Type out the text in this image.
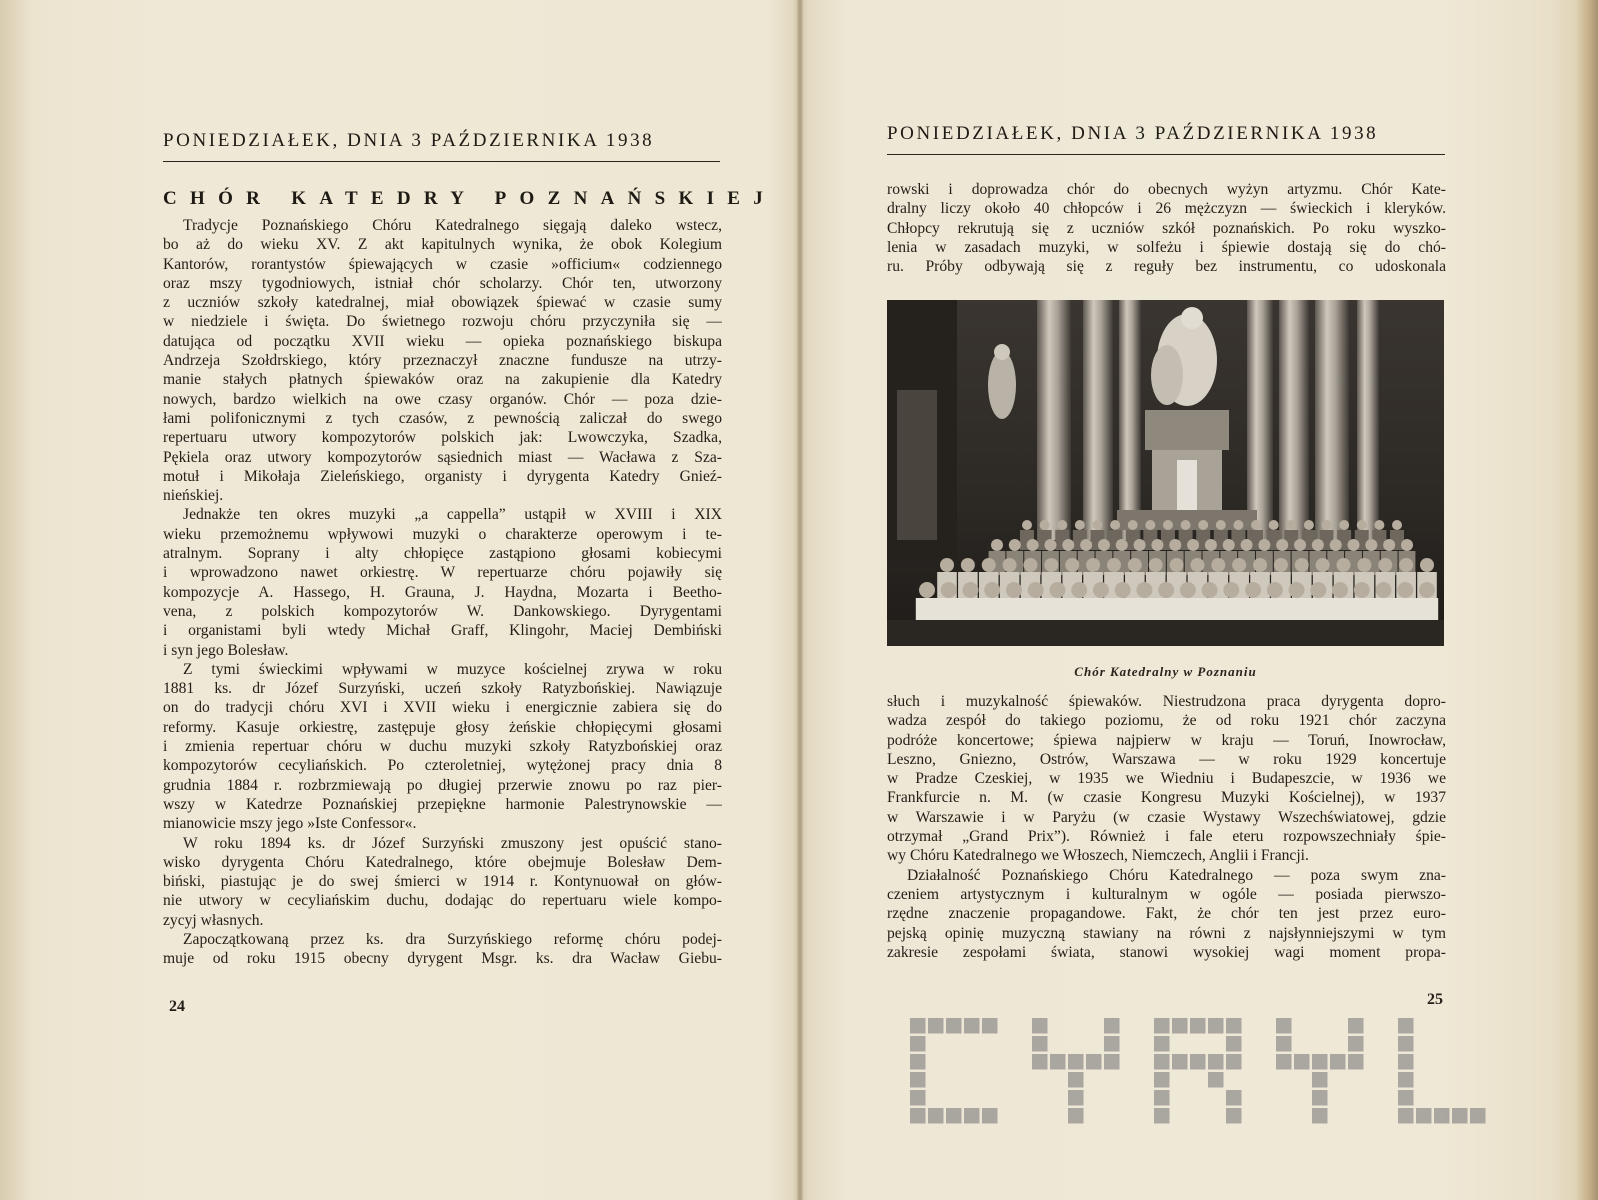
PONIEDZIAŁEK, DNIA 3 PAŹDZIERNIKA 1938
CHÓR KATEDRY POZNAŃSKIEJ
Tradycje Poznańskiego Chóru Katedralnego sięgają daleko wstecz,
bo aż do wieku XV. Z akt kapitulnych wynika, że obok Kolegium
Kantorów, rorantystów śpiewających w czasie »officium« codziennego
oraz mszy tygodniowych, istniał chór scholarzy. Chór ten, utworzony
z uczniów szkoły katedralnej, miał obowiązek śpiewać w czasie sumy
w niedziele i święta. Do świetnego rozwoju chóru przyczyniła się —
datująca od początku XVII wieku — opieka poznańskiego biskupa
Andrzeja Szołdrskiego, który przeznaczył znaczne fundusze na utrzy-
manie stałych płatnych śpiewaków oraz na zakupienie dla Katedry
nowych, bardzo wielkich na owe czasy organów. Chór — poza dzie-
łami polifonicznymi z tych czasów, z pewnością zaliczał do swego
repertuaru utwory kompozytorów polskich jak: Lwowczyka, Szadka,
Pękiela oraz utwory kompozytorów sąsiednich miast — Wacława z Sza-
motuł i Mikołaja Zieleńskiego, organisty i dyrygenta Katedry Gnieź-
nieńskiej.
Jednakże ten okres muzyki „a cappella” ustąpił w XVIII i XIX
wieku przemożnemu wpływowi muzyki o charakterze operowym i te-
atralnym. Soprany i alty chłopięce zastąpiono głosami kobiecymi
i wprowadzono nawet orkiestrę. W repertuarze chóru pojawiły się
kompozycje A. Hassego, H. Grauna, J. Haydna, Mozarta i Beetho-
vena, z polskich kompozytorów W. Dankowskiego. Dyrygentami
i organistami byli wtedy Michał Graff, Klingohr, Maciej Dembiński
i syn jego Bolesław.
Z tymi świeckimi wpływami w muzyce kościelnej zrywa w roku
1881 ks. dr Józef Surzyński, uczeń szkoły Ratyzbońskiej. Nawiązuje
on do tradycji chóru XVI i XVII wieku i energicznie zabiera się do
reformy. Kasuje orkiestrę, zastępuje głosy żeńskie chłopięcymi głosami
i zmienia repertuar chóru w duchu muzyki szkoły Ratyzbońskiej oraz
kompozytorów cecyliańskich. Po czteroletniej, wytężonej pracy dnia 8
grudnia 1884 r. rozbrzmiewają po długiej przerwie znowu po raz pier-
wszy w Katedrze Poznańskiej przepiękne harmonie Palestrynowskie —
mianowicie mszy jego »Iste Confessor«.
W roku 1894 ks. dr Józef Surzyński zmuszony jest opuścić stano-
wisko dyrygenta Chóru Katedralnego, które obejmuje Bolesław Dem-
biński, piastując je do swej śmierci w 1914 r. Kontynuował on głów-
nie utwory w cecyliańskim duchu, dodając do repertuaru wiele kompo-
zycyj własnych.
Zapoczątkowaną przez ks. dra Surzyńskiego reformę chóru podej-
muje od roku 1915 obecny dyrygent Msgr. ks. dra Wacław Giebu-
24
PONIEDZIAŁEK, DNIA 3 PAŹDZIERNIKA 1938
rowski i doprowadza chór do obecnych wyżyn artyzmu. Chór Kate-
dralny liczy około 40 chłopców i 26 mężczyzn — świeckich i kleryków.
Chłopcy rekrutują się z uczniów szkół poznańskich. Po roku wyszko-
lenia w zasadach muzyki, w solfeżu i śpiewie dostają się do chó-
ru. Próby odbywają się z reguły bez instrumentu, co udoskonala
słuch i muzykalność śpiewaków. Niestrudzona praca dyrygenta dopro-
wadza zespół do takiego poziomu, że od roku 1921 chór zaczyna
podróże koncertowe; śpiewa najpierw w kraju — Toruń, Inowrocław,
Leszno, Gniezno, Ostrów, Warszawa — w roku 1929 koncertuje
w Pradze Czeskiej, w 1935 we Wiedniu i Budapeszcie, w 1936 we
Frankfurcie n. M. (w czasie Kongresu Muzyki Kościelnej), w 1937
w Warszawie i w Paryżu (w czasie Wystawy Wszechświatowej, gdzie
otrzymał „Grand Prix”). Również i fale eteru rozpowszechniały śpie-
wy Chóru Katedralnego we Włoszech, Niemczech, Anglii i Francji.
Działalność Poznańskiego Chóru Katedralnego — poza swym zna-
czeniem artystycznym i kulturalnym w ogóle — posiada pierwszo-
rzędne znaczenie propagandowe. Fakt, że chór ten jest przez euro-
pejską opinię muzyczną stawiany na równi z najsłynniejszymi w tym
zakresie zespołami świata, stanowi wysokiej wagi moment propa-
25
Chór Katedralny w Poznaniu
